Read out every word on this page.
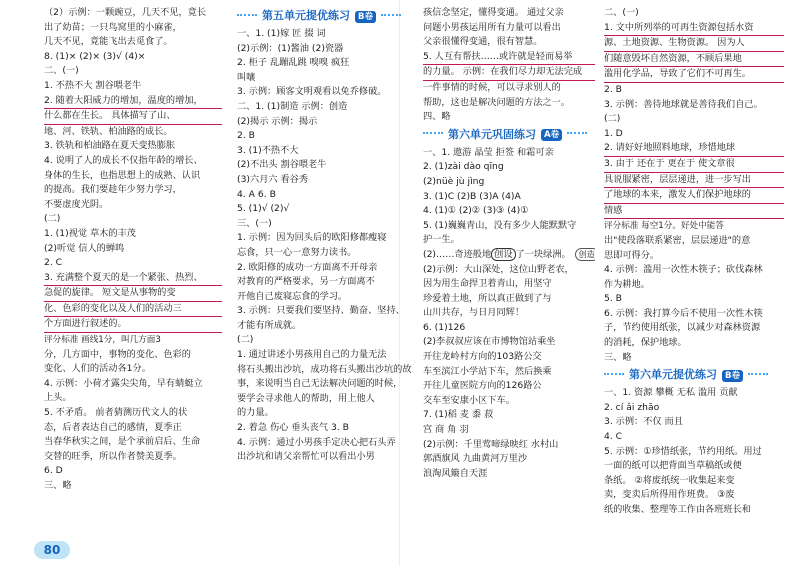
（2）示例：一颗豌豆，几天不见，竟长
出了幼苗；一只鸟窝里的小麻雀，
几天不见，竟能飞出去觅食了。
8. (1)× (2)× (3)√ (4)×
二、(一)
1. 不热不大 割谷喂老牛
2. 随着大阳威力的增加，温度的增加，
什么都在生长。 具体描写了山、
地、河、铁轨、柏油路的成长。
3. 铁轨和柏油路在夏天变热膨胀
4. 说明了人的成长不仅指年龄的增长、
身体的生长，也指思想上的成熟、认识
的提高。我们要趁年少努力学习，
不要虚度光阴。
(二)
1. (1)视觉 草木的丰茂
(2)听觉 信人的蝉鸣
2. C
3. 充满整个夏天的是一个紧张、热烈、
急促的旋律。 短文是从事物的变
化、色彩的变化以及人们的活动三
个方面进行叙述的。
评分标准 画线1分，叫几方面3
分，几方面中，事物的变化、色彩的
变化、人们的活动各1分。
4. 示例：小荷才露尖尖角，早有蜻蜓立
上头。
5. 不矛盾。 前者猜测历代文人的状
态，后者表达自己的感情，夏季正
当春华秋实之间，是个承前启后、生命
交替的旺季，所以作者赞美夏季。
6. D
三、略
第五单元提优练习 B卷
一、1. (1)嫁 匠 掇 词
(2)示例：(1)酱油 (2)瓷器
2. 柜子 乱蹦乱跳 嗅嗅 疯狂
叫嚷
3. 示例：顾客文明观看以免乔修破。
二、1. (1)制造 示例：创造
(2)揭示 示例：揭示
2. B
3. (1)不热不大
(2)不出头 割谷喂老牛
(3)六月六 看谷秀
4. A 6. B
5. (1)√ (2)√
三、(一)
1. 示例：因为回头后的欧阳修都瘦寝
忘食，只一心一意努力读书。
2. 欧阳修的成功一方面离不开母亲
对教育的严格要求，另一方面离不
开他自己废寝忘食的学习。
3. 示例：只要我们要坚持、勤奋、坚持、
才能有所成就。
(二)
1. 通过讲述小男孩用自己的力量无法
将石头搬出沙坑，成功将石头搬出沙坑的故
事，来说明当自己无法解决问题的时候，
要学会寻求他人的帮助，用上他人
的力量。
2. 着急 伤心 垂头丧气 3. B
4. 示例：通过小男孩手定决心把石头弄
出沙坑和请父亲帮忙可以看出小男
孩信念坚定，懂得变通。 通过父亲
问题小男孩运用所有力量可以看出
父亲很懂得变通，很有智慧。
5. 人互有帮扶……或许就是轻而易举
的力量。 示例：在我们尽力却无法完成
一件事情的时候，可以寻求别人的
帮助，这也是解决问题的方法之一。
四、略
第六单元巩固练习 A卷
一、1. 遨游 晶莹 拒签 和霜可亲
2. (1)zài dào qīng
(2)nüè jù jìng
3. (1)C (2)B (3)A (4)A
4. (1)① (2)② (3)③ (4)①
5. (1)巍巍青山，没有多少人能默默守
护一生。
(2)……奇迹般地 创设 了一块绿洲。 创造
(2)示例：大山深处，这位山野老农，
因为用生命捍卫着青山，用坚守
珍爱着土地，所以真正做到了与
山川共存，与日月同辉！
6. (1)126
(2)李叔叔应该在市博物馆站乘坐
开往龙岭村方向的103路公交
车至滨江小学站下车，然后换乘
开往儿童医院方向的126路公
交车至安康小区下车。
7. (1)稻 麦 黍 菽
宫 商 角 羽
(2)示例：千里莺啼绿映红 水村山
郭酒旗风 九曲黄河万里沙
浪淘风簸自天涯
二、(一)
1. 文中所列举的可再生资源包括水资
源、土地资源、生物资源。 因为人
们随意毁坏自然资源，不顾后果地
滥用化学品，导致了它们不可再生。
2. B
3. 示例：善待地球就是善待我们自己。
(二)
1. D
2. 请好好地照料地球，珍惜地球
3. 由于 还在于 更在于 使文章很
具说服紧密，层层递进，进一步写出
了地球的本来，激发人们保护地球的
情感
评分标准 每空1分。好处中能答
出"使段落联系紧密，层层递进"的意
思即可得分。
4. 示例：滥用一次性木筷子；砍伐森林
作为耕地。
5. B
6. 示例：我打算今后不使用一次性木筷
子，节约使用纸张，以减少对森林资源
的消耗，保护地球。
三、略
第六单元提优练习 B卷
一、1. 资源 攀概 无私 滥用 贡献
2. cí ǎi zhāo
3. 示例：不仅 而且
4. C
5. 示例：①珍惜纸张，节约用纸。用过
一面的纸可以把背面当草稿纸或便
条纸。 ②将废纸统一收集起来变
卖，变卖后所得用作班费。 ③废
纸的收集、整理等工作由各班班长和
80
